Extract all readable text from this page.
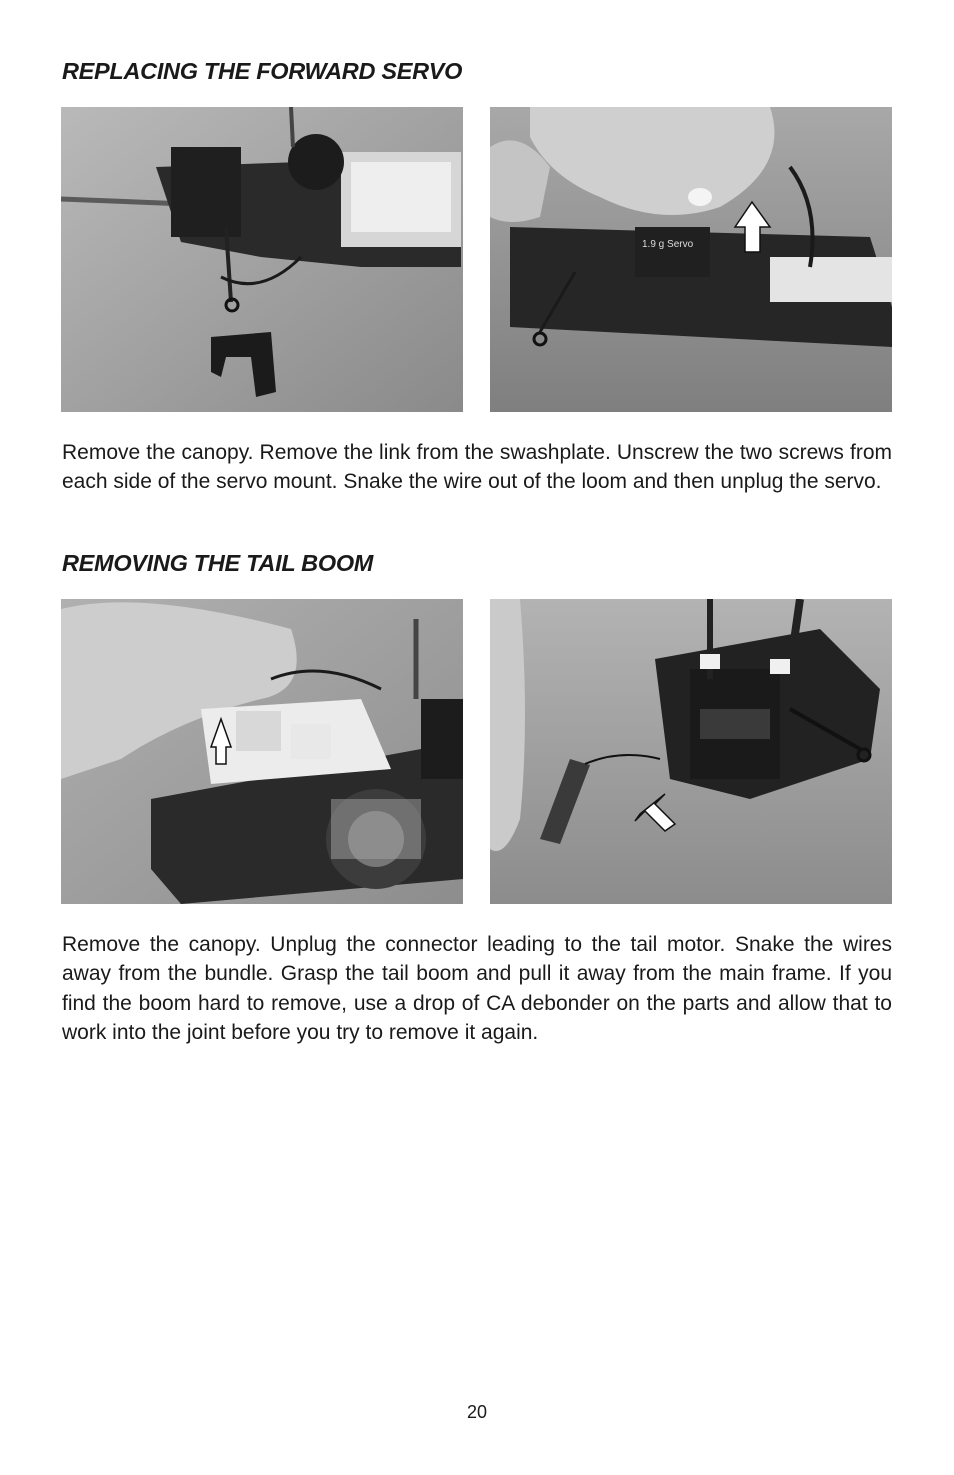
REPLACING THE FORWARD SERVO
1.9 g Servo

Remove the canopy. Remove the link from the swashplate. Unscrew the two screws from each side of the servo mount. Snake the wire out of the loom and then unplug the servo.

REMOVING THE TAIL BOOM

Remove the canopy. Unplug the connector leading to the tail motor. Snake the wires away from the bundle. Grasp the tail boom and pull it away from the main frame. If you find the boom hard to remove, use a drop of CA debonder on the parts and allow that to work into the joint before you try to remove it again.

20
